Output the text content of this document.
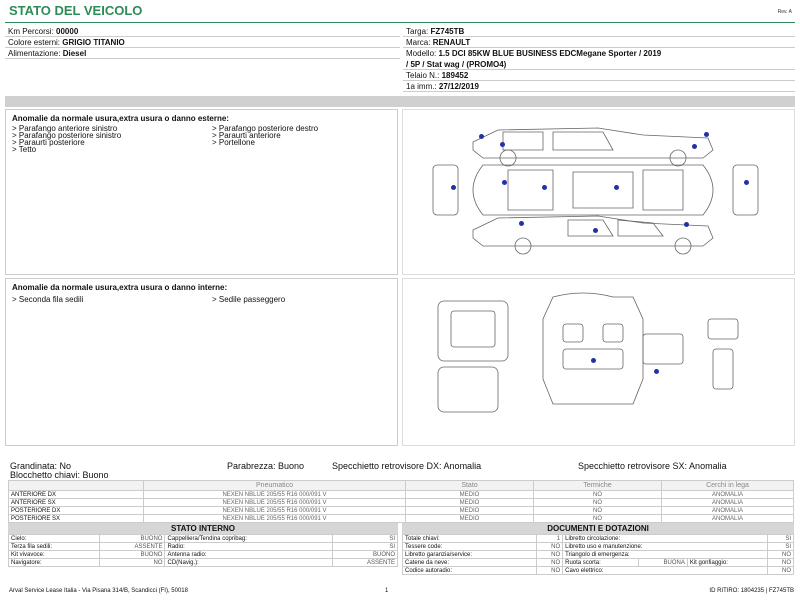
STATO DEL VEICOLO	Rev. A
Km Percorsi: 00000
Colore esterni: GRIGIO TITANIO
Alimentazione: Diesel
Targa: FZ745TB
Marca: RENAULT
Modello: 1.5 DCI 85KW BLUE BUSINESS EDCMegane Sporter / 2019
/ 5P / Stat wag / (PROMO4)
Telaio N.: 189452
1a imm.: 27/12/2019
Anomalie da normale usura,extra usura o danno esterne:
> Parafango anteriore sinistro
> Parafango posteriore sinistro
> Paraurti posteriore
> Tetto
> Parafango posteriore destro
> Paraurti anteriore
> Portellone
Anomalie da normale usura,extra usura o danno interne:
> Seconda fila sedili	> Sedile passeggero
Grandinata: No	Parabrezza: Buono	Specchietto retrovisore DX: Anomalia	Specchietto retrovisore SX: Anomalia
Blocchetto chiavi: Buono
	Pneumatico	Stato	Termiche	Cerchi in lega
ANTERIORE DX	NEXEN NBLUE 205/55 R16 000/091 V	MEDIO	NO	ANOMALIA
ANTERIORE SX	NEXEN NBLUE 205/55 R16 000/091 V	MEDIO	NO	ANOMALIA
POSTERIORE DX	NEXEN NBLUE 205/55 R16 000/091 V	MEDIO	NO	ANOMALIA
POSTERIORE SX	NEXEN NBLUE 205/55 R16 000/091 V	MEDIO	NO	ANOMALIA
STATO INTERNO
Cielo:	BUONO	Cappelliera/Tendina copribag:	SI
Terza fila sedili:	ASSENTE	Radio:	SI
Kit vivavoce:	BUONO	Antenna radio:	BUONO
Navigatore:	NO	CD(Navig.):	ASSENTE
DOCUMENTI E DOTAZIONI
Totale chiavi:	1	Libretto circolazione:			SI
Tessere code:	NO	Libretto uso e manutenzione:			SI
Libretto garanzia/service:	NO	Triangolo di emergenza:			NO
Catene da neve:	NO	Ruota scorta:	BUONA	Kit gonfiaggio:	NO
Codice autoradio:	NO	Cavo elettrico:			NO
Arval Service Lease Italia - Via Pisana 314/B, Scandicci (FI), 50018	1	ID RITIRO: 1804235 | FZ745TB
